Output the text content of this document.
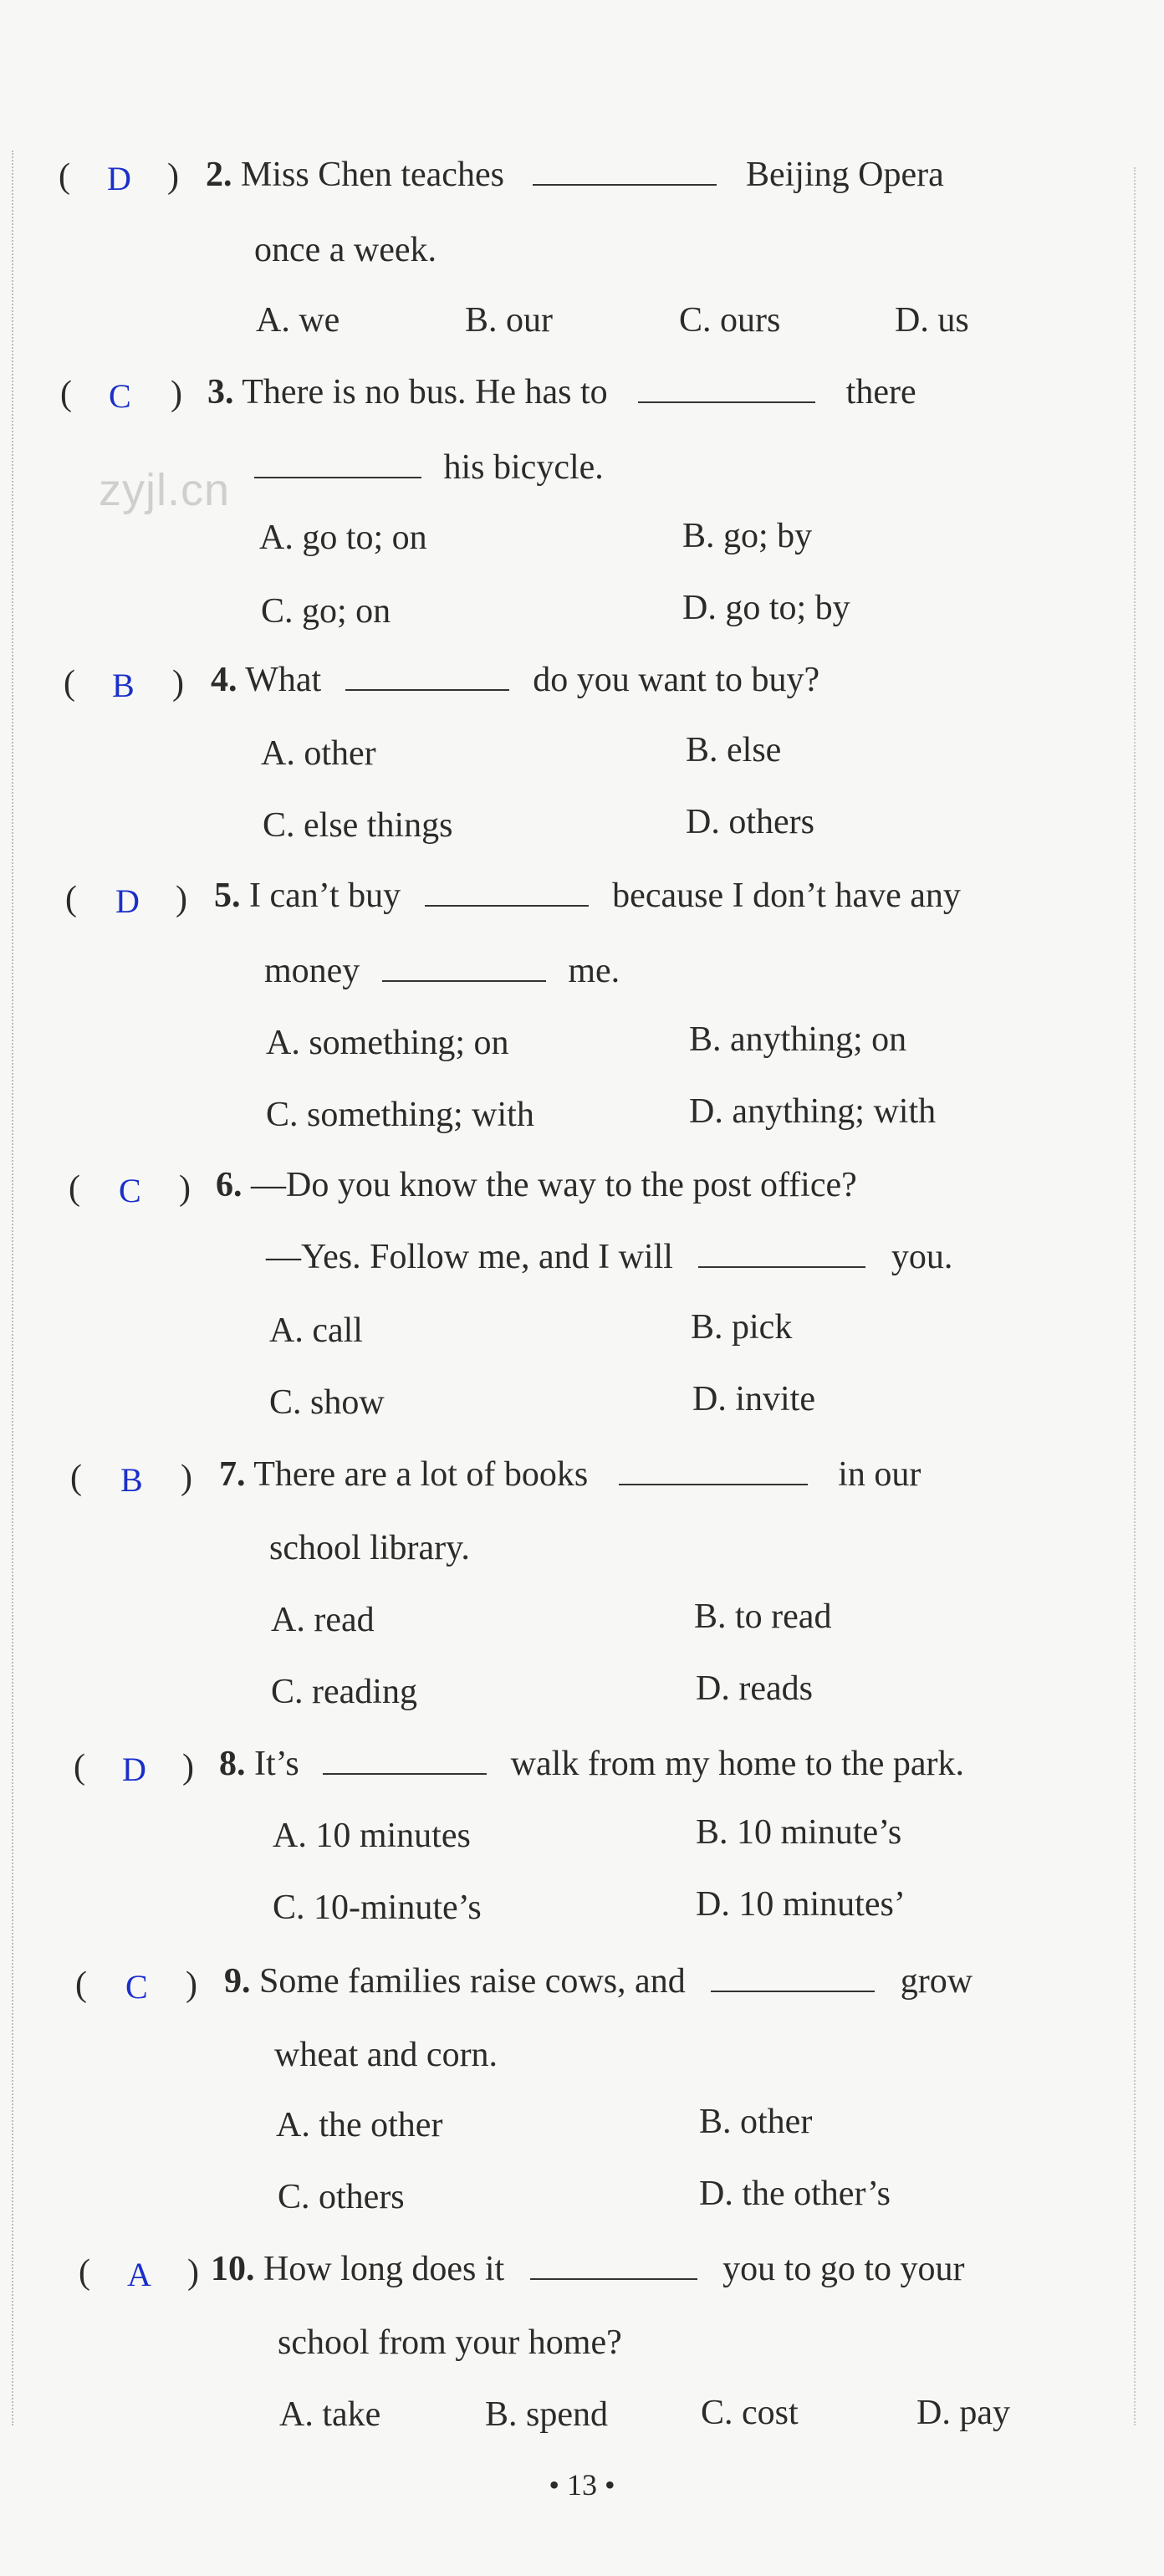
zyjl.cn
( D ) 2. Miss Chen teaches	Beijing Opera
once a week.
A. we	B. our	C. ours	D. us
( C ) 3. There is no bus. He has to	there
his bicycle.
A. go to; on	B. go; by
C. go; on	D. go to; by
( B ) 4. What	do you want to buy?
A. other	B. else
C. else things	D. others
( D ) 5. I can’t buy	because I don’t have any
money	me.
A. something; on	B. anything; on
C. something; with	D. anything; with
( C ) 6. —Do you know the way to the post office?
—Yes. Follow me, and I will	you.
A. call	B. pick
C. show	D. invite
( B ) 7. There are a lot of books	in our
school library.
A. read	B. to read
C. reading	D. reads
( D ) 8. It’s	walk from my home to the park.
A. 10 minutes	B. 10 minute’s
C. 10-minute’s	D. 10 minutes’
( C ) 9. Some families raise cows, and	grow
wheat and corn.
A. the other	B. other
C. others	D. the other’s
( A ) 10. How long does it	you to go to your
school from your home?
A. take	B. spend	C. cost	D. pay
• 13 •
